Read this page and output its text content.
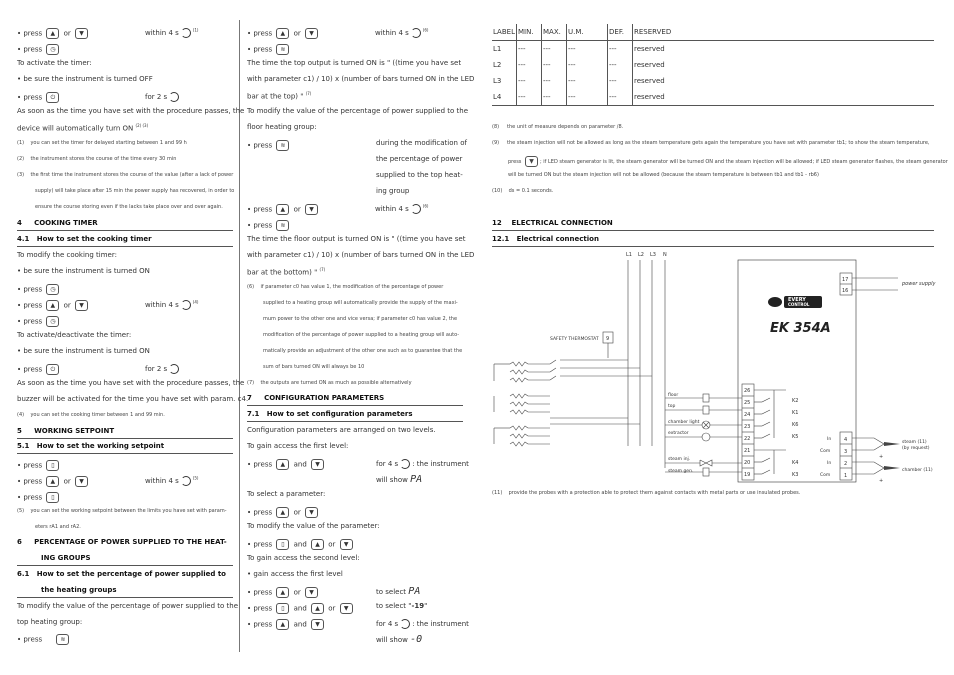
• press ▲ or ▼	within 4 s	$^{(1)}$
• press ◷
To activate the timer:
• be sure the instrument is turned OFF
• press ⏻	for 2 s
As soon as the time you have set with the procedure passes, the
device will automatically turn ON $^{(2) (3)}$
(1) you can set the timer for delayed starting between 1 and 99 h
(2) the instrument stores the course of the time every 30 min
(3) the first time the instrument stores the course of the value (after a lack of power
supply) will take place after 15 min the power supply has recovered, in order to
ensure the course storing even if the lacks take place over and over again.
4 COOKING TIMER
4.1 How to set the cooking timer
To modify the cooking timer:
• be sure the instrument is turned ON
• press ◷
• press ▲ or ▼	within 4 s	$^{(4)}$
• press ◷
To activate/deactivate the timer:
• be sure the instrument is turned ON
• press ⏻	for 2 s
As soon as the time you have set with the procedure passes, the
buzzer will be activated for the time you have set with param. c4.
(4) you can set the cooking timer between 1 and 99 min.
5 WORKING SETPOINT
5.1 How to set the working setpoint
• press ▯
• press ▲ or ▼	within 4 s	$^{(5)}$
• press ▯
(5) you can set the working setpoint between the limits you have set with param-
eters rA1 and rA2.
6 PERCENTAGE OF POWER SUPPLIED TO THE HEAT-
ING GROUPS
6.1 How to set the percentage of power supplied to
the heating groups
To modify the value of the percentage of power supplied to the
top heating group:
• press	≋
• press ▲ or ▼	within 4 s	$^{(6)}$
• press ≋
The time the top output is turned ON is " ((time you have set
with parameter c1) / 10) x (number of bars turned ON in the LED
bar at the top) " $^{(7)}$
To modify the value of the percentage of power supplied to the
floor heating group:
• press ≋	during the modification of
the percentage of power
supplied to the top heat-
ing group
• press ▲ or ▼	within 4 s	$^{(6)}$
• press ≋
The time the floor output is turned ON is " ((time you have set
with parameter c1) / 10) x (number of bars turned ON in the LED
bar at the bottom) " $^{(7)}$
(6) if parameter c0 has value 1, the modification of the percentage of power
supplied to a heating group will automatically provide the supply of the maxi-
mum power to the other one and vice versa; if parameter c0 has value 2, the
modification of the percentage of power supplied to a heating group will auto-
matically provide an adjustment of the other one such as to guarantee that the
sum of bars turned ON will always be 10
(7) the outputs are turned ON as much as possible alternatively
7 CONFIGURATION PARAMETERS
7.1 How to set configuration parameters
Configuration parameters are arranged on two levels.
To gain access the first level:
• press ▲ and ▼	for 4 s : the instrument
will show PA
To select a parameter:
• press ▲ or ▼
To modify the value of the parameter:
• press ▯ and ▲ or ▼
To gain access the second level:
• gain access the first level
• press ▲ or ▼	to select PA
• press ▯ and ▲ or ▼	to select "-19"
• press ▲ and ▼	for 4 s : the instrument
will show -0
LABEL	MIN.	MAX.	U.M.	DEF.	RESERVED
L1	---	---	---	---	reserved
L2	---	---	---	---	reserved
L3	---	---	---	---	reserved
L4	---	---	---	---	reserved
(8) the unit of measure depends on parameter /8.
(9) the steam injection will not be allowed as long as the steam temperature gets again the temperature you have set with parameter tb1; to show the steam temperature,
press ▼ ; if LED steam generator is lit, the steam generator will be turned ON and the steam injection will be allowed; if LED steam generator flashes, the steam generator
will be turned ON but the steam injection will not be allowed (because the steam temperature is between tb1 and tb1 - rb6)
(10) ds = 0.1 seconds.
12 ELECTRICAL CONNECTION
12.1 Electrical connection
(11) provide the probes with a protection able to protect them against contacts with metal parts or use insulated probes.
L1 L2 L3 N
17
16
power supply
EVERY
CONTROL
EK 354A
SAFETY THERMOSTAT 9
floor
top
chamber light
extractor
steam inj.
steam gen.
26
25
24
23
22
21
20
19
K2
K1
K6
K5
K4
K3
4
3
2
1
In
Com
In
Com
steam (11)
(by request)
chamber (11)
+
+
